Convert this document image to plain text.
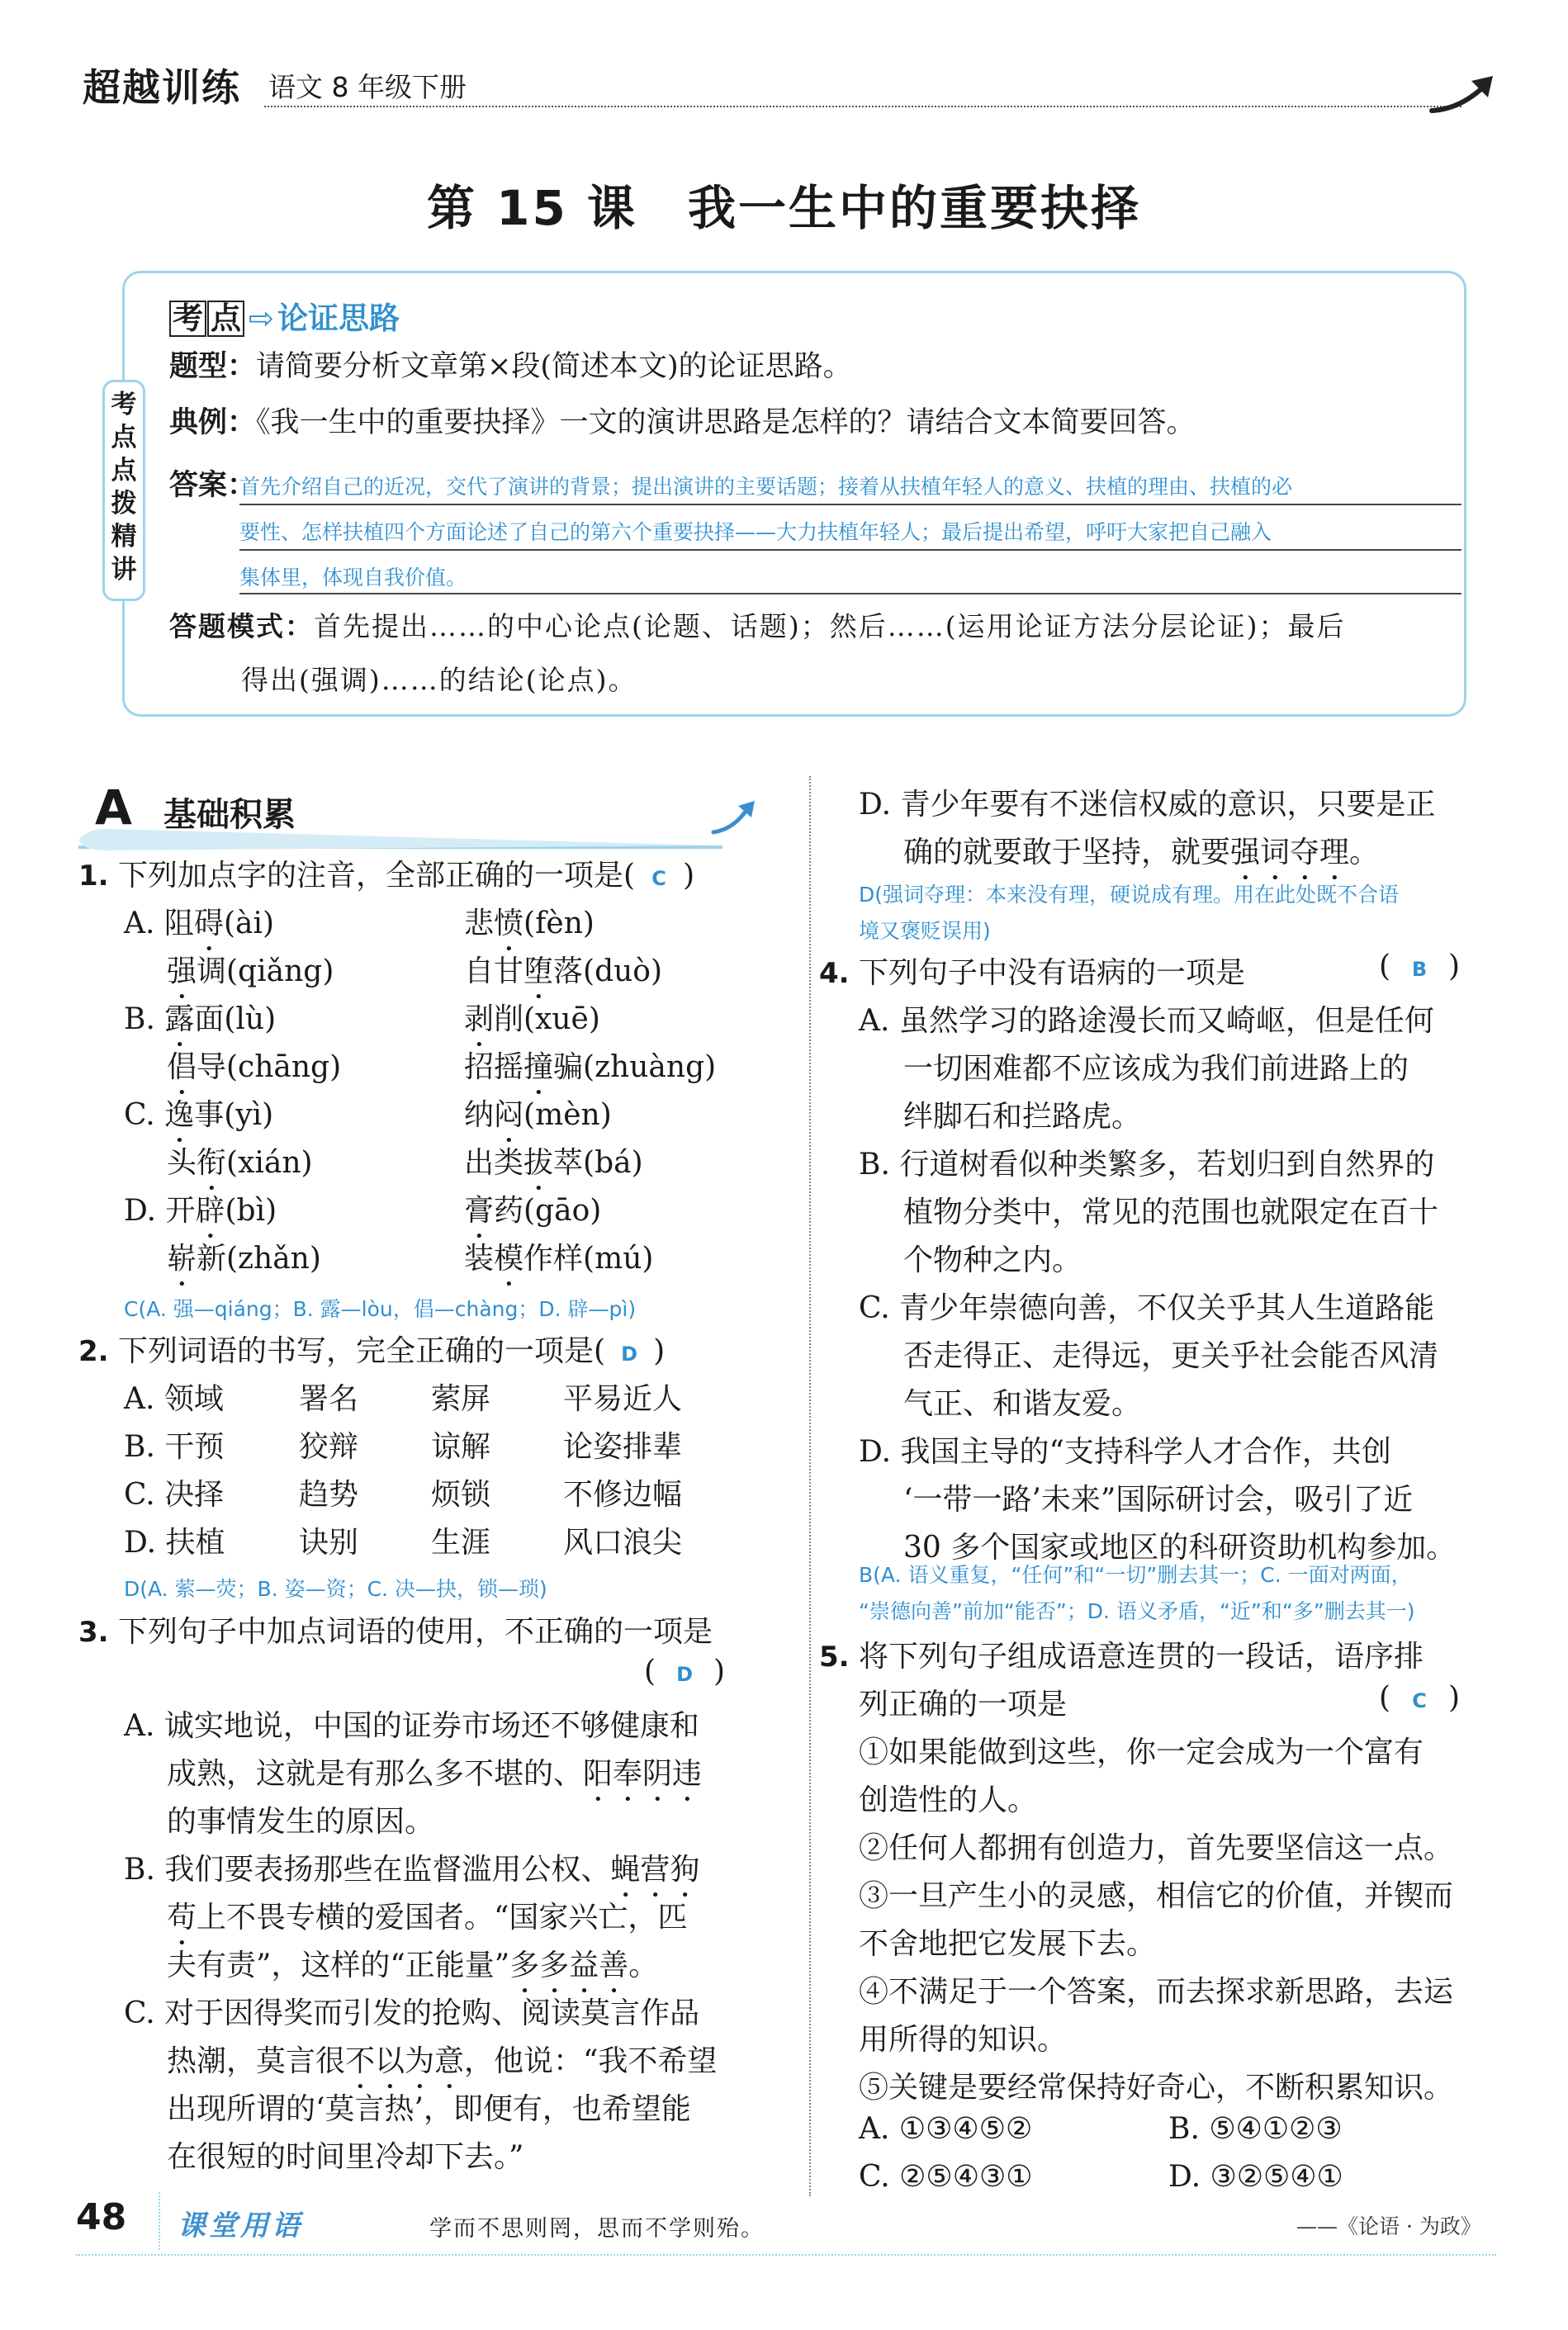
超越训练 语文 8 年级下册
第 15 课　我一生中的重要抉择
考
点
点
拨
精
讲
考 点 ⇨ 论证思路
题型：请简要分析文章第×段(简述本文)的论证思路。
典例：《我一生中的重要抉择》一文的演讲思路是怎样的？请结合文本简要回答。
答案：
首先介绍自己的近况，交代了演讲的背景；提出演讲的主要话题；接着从扶植年轻人的意义、扶植的理由、扶植的必
要性、怎样扶植四个方面论述了自己的第六个重要抉择——大力扶植年轻人；最后提出希望，呼吁大家把自己融入
集体里，体现自我价值。
答题模式：首先提出……的中心论点(论题、话题)；然后……(运用论证方法分层论证)；最后
得出(强调)……的结论(论点)。
A 基础积累
1. 下列加点字的注音，全部正确的一项是( C )
A. 阻碍(ài)	悲愤(fèn)
强调(qiǎng)	自甘堕落(duò)
B. 露面(lù)	剥削(xuē)
倡导(chāng)	招摇撞骗(zhuàng)
C. 逸事(yì)	纳闷(mèn)
头衔(xián)	出类拔萃(bá)
D. 开辟(bì)	膏药(gāo)
崭新(zhǎn)	装模作样(mú)
C(A. 强—qiáng；B. 露—lòu，倡—chàng；D. 辟—pì)
2. 下列词语的书写，完全正确的一项是( D )
A. 领域	署名 萦屏 平易近人
B. 干预	狡辩 谅解 论姿排辈
C. 决择	趋势 烦锁 不修边幅
D. 扶植 诀别 生涯 风口浪尖
D(A. 萦—荧；B. 姿—资；C. 决—抉，锁—琐)
3. 下列句子中加点词语的使用，不正确的一项是
( D )
A. 诚实地说，中国的证券市场还不够健康和
成熟，这就是有那么多不堪的、阳奉阴违
的事情发生的原因。
B. 我们要表扬那些在监督滥用公权、蝇营狗
苟上不畏专横的爱国者。“国家兴亡，匹
夫有责”，这样的“正能量”多多益善。
C. 对于因得奖而引发的抢购、阅读莫言作品
热潮，莫言很不以为意，他说：“我不希望
出现所谓的‘莫言热’，即便有，也希望能
在很短的时间里冷却下去。”
D. 青少年要有不迷信权威的意识，只要是正
确的就要敢于坚持，就要强词夺理。
D(强词夺理：本来没有理，硬说成有理。用在此处既不合语
境又褒贬误用)
4. 下列句子中没有语病的一项是	( B )
A. 虽然学习的路途漫长而又崎岖，但是任何
一切困难都不应该成为我们前进路上的
绊脚石和拦路虎。
B. 行道树看似种类繁多，若划归到自然界的
植物分类中，常见的范围也就限定在百十
个物种之内。
C. 青少年崇德向善，不仅关乎其人生道路能
否走得正、走得远，更关乎社会能否风清
气正、和谐友爱。
D. 我国主导的“支持科学人才合作，共创
‘一带一路’未来”国际研讨会，吸引了近
30 多个国家或地区的科研资助机构参加。
B(A. 语义重复，“任何”和“一切”删去其一；C. 一面对两面，
“崇德向善”前加“能否”；D. 语义矛盾，“近”和“多”删去其一)
5. 将下列句子组成语意连贯的一段话，语序排
列正确的一项是	( C )
①如果能做到这些，你一定会成为一个富有
创造性的人。
②任何人都拥有创造力，首先要坚信这一点。
③一旦产生小的灵感，相信它的价值，并锲而
不舍地把它发展下去。
④不满足于一个答案，而去探求新思路，去运
用所得的知识。
⑤关键是要经常保持好奇心，不断积累知识。
A. ①③④⑤②	B. ⑤④①②③
C. ②⑤④③①	D. ③②⑤④①
48 课堂用语	学而不思则罔，思而不学则殆。	——《论语 · 为政》
